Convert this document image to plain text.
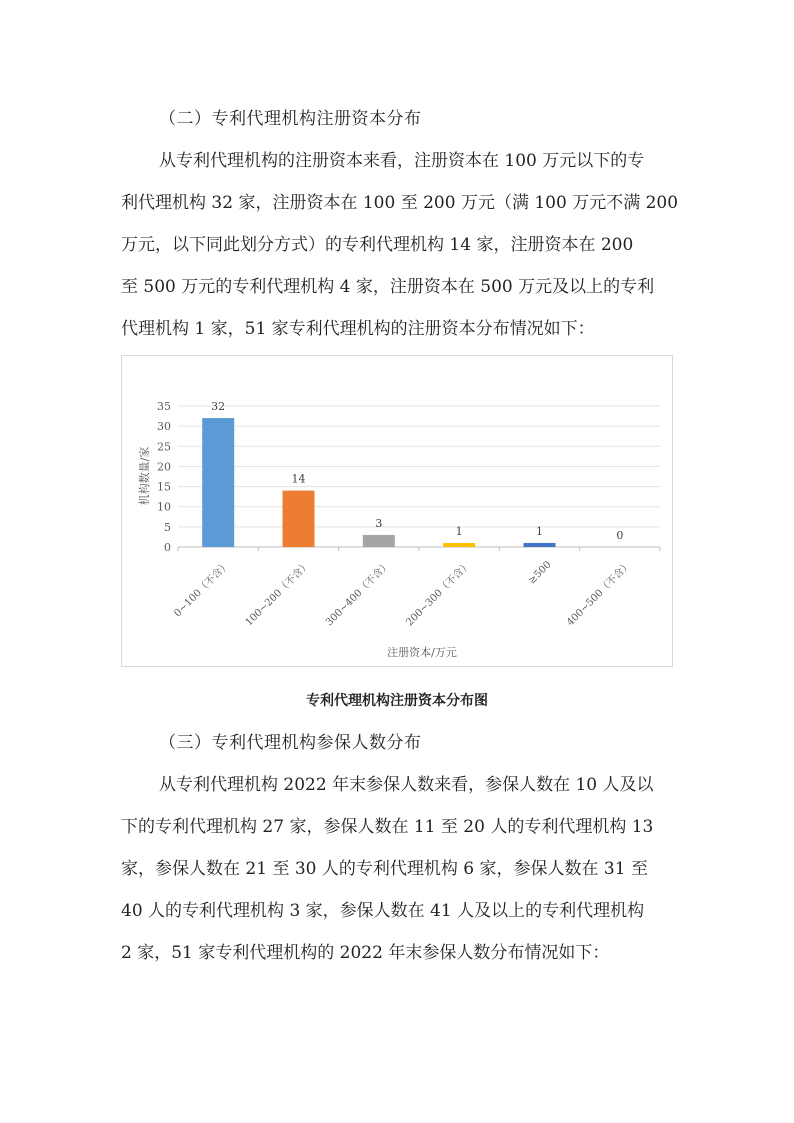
（二）专利代理机构注册资本分布
从专利代理机构的注册资本来看，注册资本在 100 万元以下的专
利代理机构 32 家，注册资本在 100 至 200 万元（满 100 万元不满 200
万元，以下同此划分方式）的专利代理机构 14 家，注册资本在 200
至 500 万元的专利代理机构 4 家，注册资本在 500 万元及以上的专利
代理机构 1 家，51 家专利代理机构的注册资本分布情况如下：
0
5
10
15
20
25
30
35	32
14
3
1	1	0
0~100（不含） 100~200（不含） 300~400（不含） 200~300（不含）	≥500 400~500（不含）
机构数量/家
注册资本/万元
专利代理机构注册资本分布图
（三）专利代理机构参保人数分布
从专利代理机构 2022 年末参保人数来看，参保人数在 10 人及以
下的专利代理机构 27 家，参保人数在 11 至 20 人的专利代理机构 13
家，参保人数在 21 至 30 人的专利代理机构 6 家，参保人数在 31 至
40 人的专利代理机构 3 家，参保人数在 41 人及以上的专利代理机构
2 家，51 家专利代理机构的 2022 年末参保人数分布情况如下：
